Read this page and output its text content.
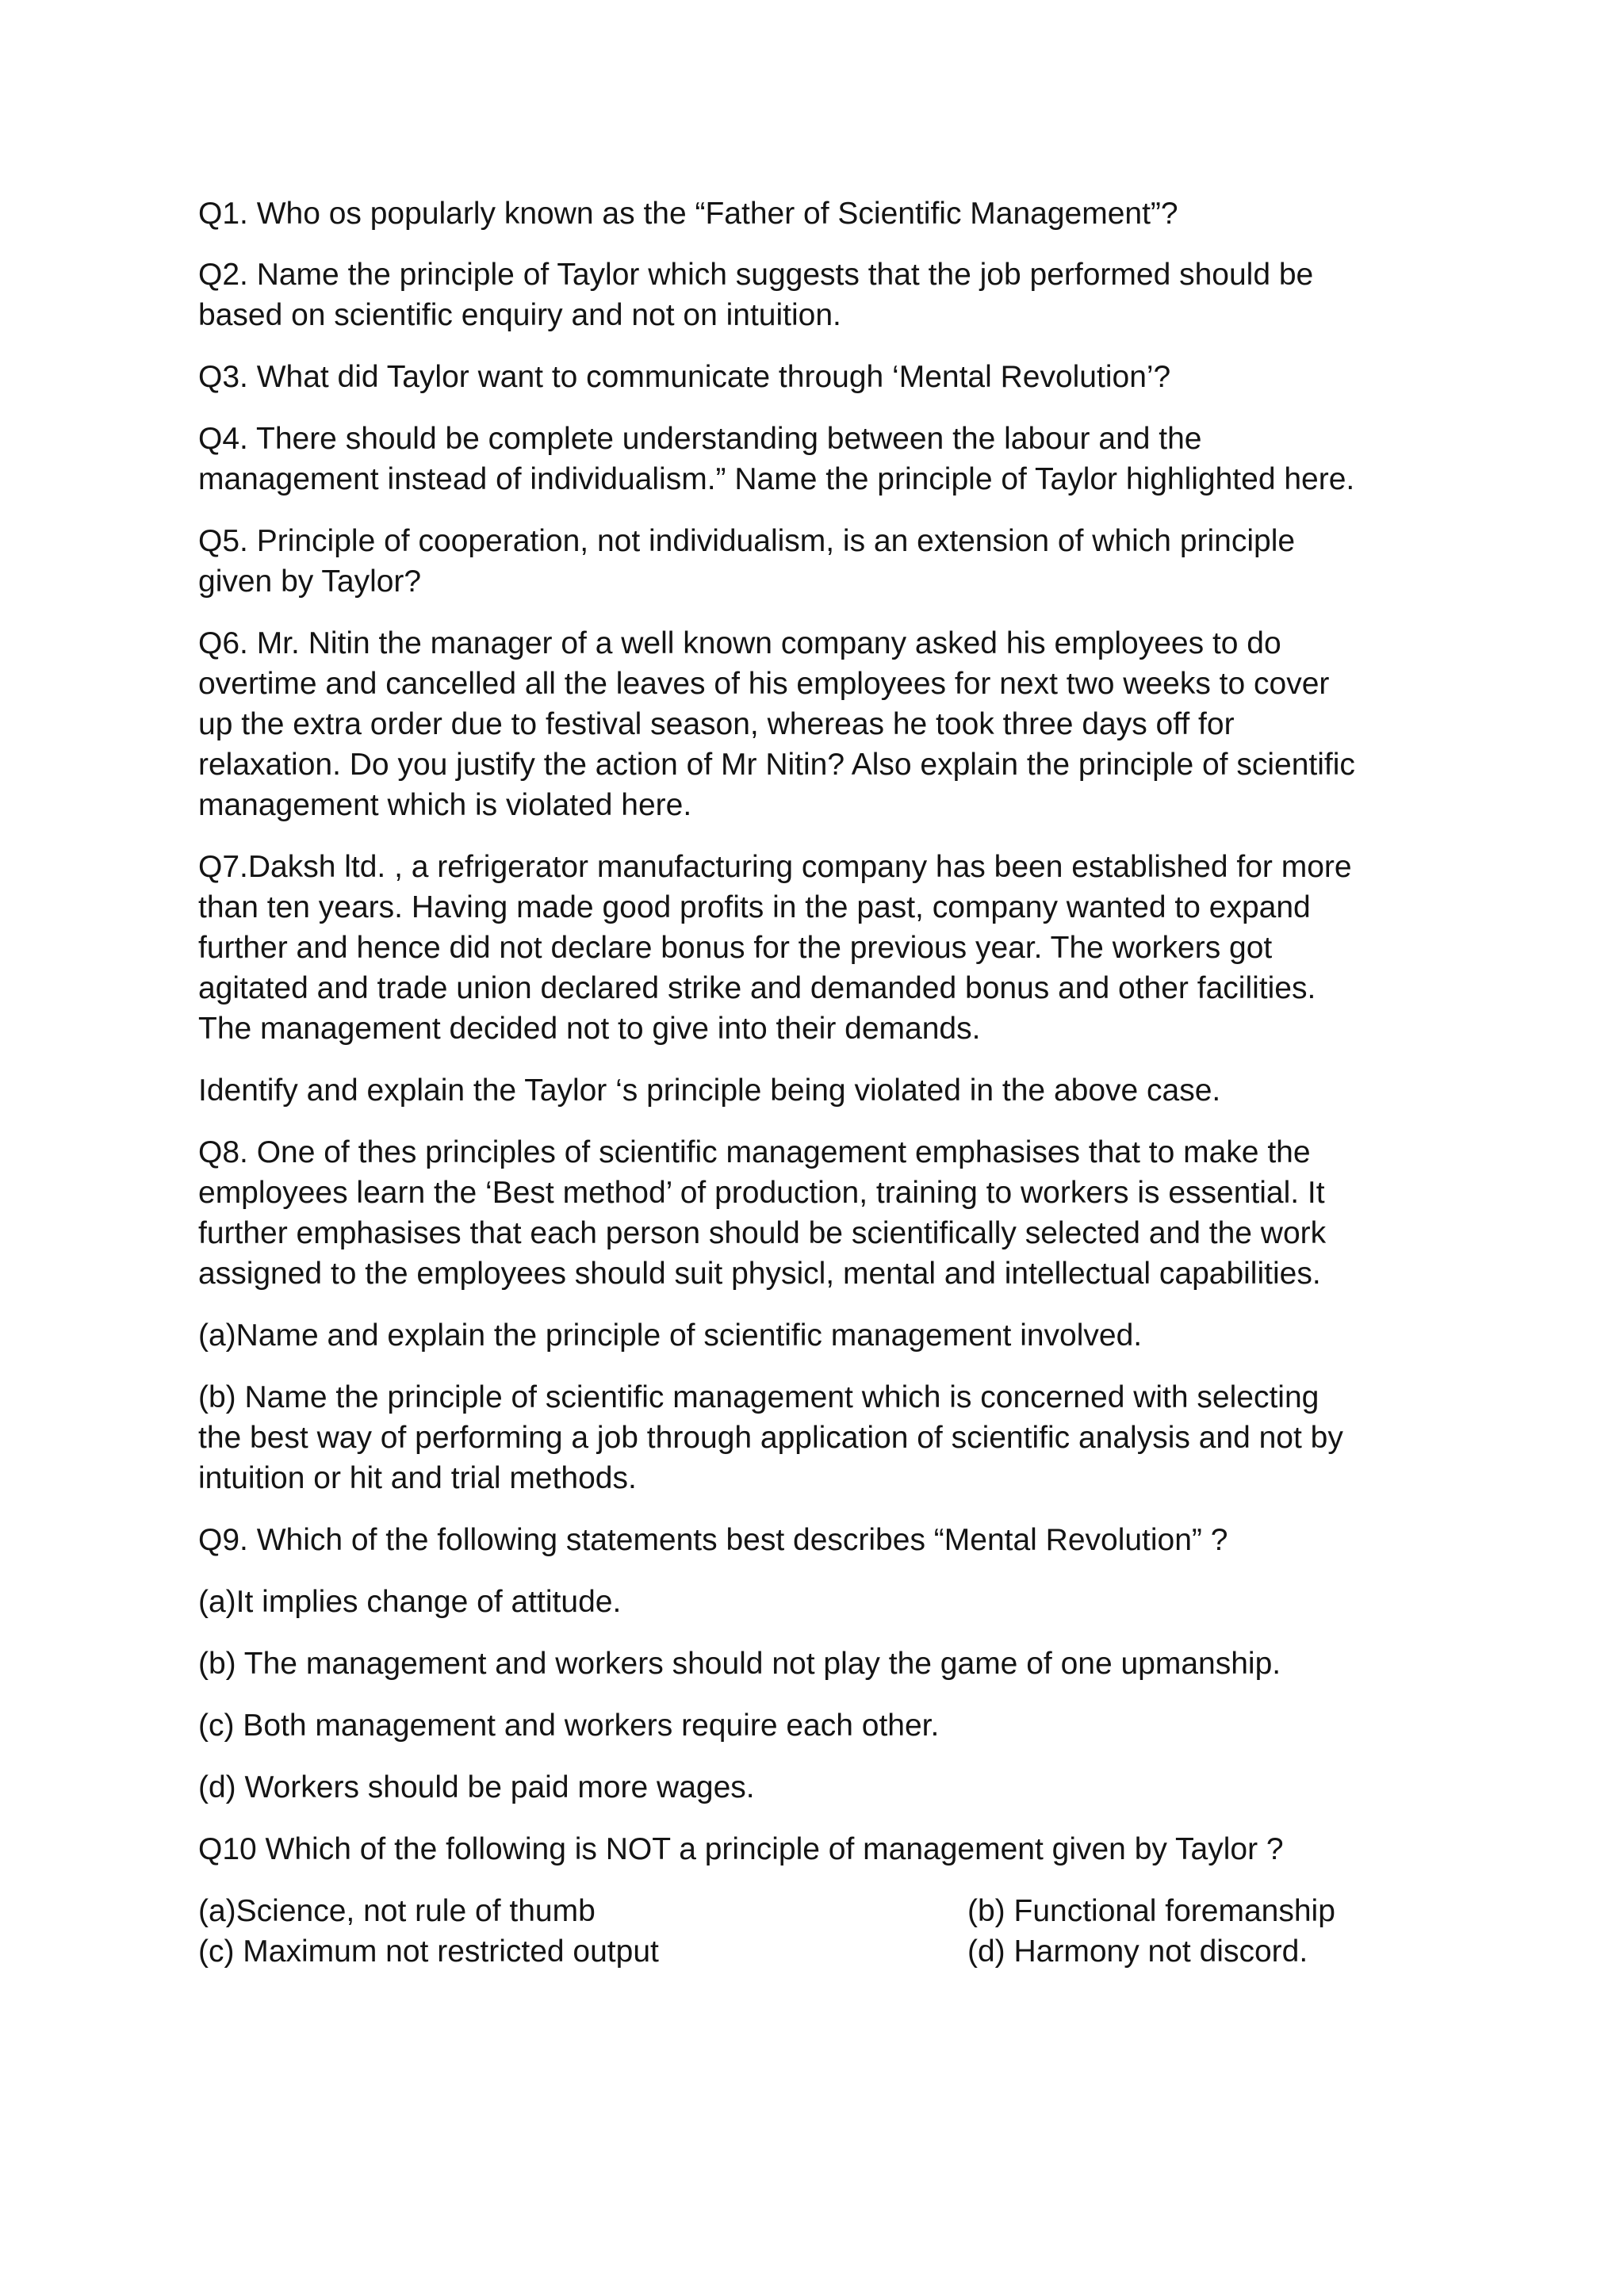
Q1. Who os popularly known as the “Father of Scientific Management”?

Q2. Name the principle of Taylor which suggests that the job performed should be
based on scientific enquiry and not on intuition.

Q3. What did Taylor want to communicate through ‘Mental Revolution’?

Q4. There should be complete understanding between the labour and the
management instead of individualism.” Name the principle of Taylor highlighted here.

Q5. Principle of cooperation, not individualism, is an extension of which principle
given by Taylor?

Q6. Mr. Nitin the manager of a well known company asked his employees to do
overtime and cancelled all the leaves of his employees for next two weeks to cover
up the extra order due to festival season, whereas he took three days off for
relaxation. Do you justify the action of Mr Nitin? Also explain the principle of scientific
management which is violated here.

Q7.Daksh ltd. , a refrigerator manufacturing company has been established for more
than ten years. Having made good profits in the past, company wanted to expand
further and hence did not declare bonus for the previous year. The workers got
agitated and trade union declared strike and demanded bonus and other facilities.
The management decided not to give into their demands.

Identify and explain the Taylor ‘s principle being violated in the above case.

Q8. One of thes principles of scientific management emphasises that to make the
employees learn the ‘Best method’ of production, training to workers is essential. It
further emphasises that each person should be scientifically selected and the work
assigned to the employees should suit physicl, mental and intellectual capabilities.

(a)Name and explain the principle of scientific management involved.

(b) Name the principle of scientific management which is concerned with selecting
the best way of performing a job through application of scientific analysis and not by
intuition or hit and trial methods.

Q9. Which of the following statements best describes “Mental Revolution” ?

(a)It implies change of attitude.

(b) The management and workers should not play the game of one upmanship.

(c) Both management and workers require each other.

(d) Workers should be paid more wages.

Q10 Which of the following is NOT a principle of management given by Taylor ?

(a)Science, not rule of thumb	(b) Functional foremanship
(c) Maximum not restricted output	(d) Harmony not discord.
